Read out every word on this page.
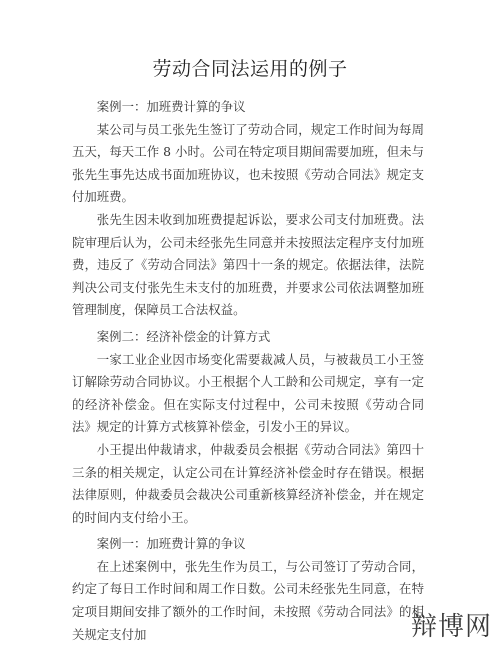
劳动合同法运用的例子

案例一：加班费计算的争议

某公司与员工张先生签订了劳动合同，规定工作时间为每周五天，每天工作 8 小时。公司在特定项目期间需要加班，但未与张先生事先达成书面加班协议，也未按照《劳动合同法》规定支付加班费。

张先生因未收到加班费提起诉讼，要求公司支付加班费。法院审理后认为，公司未经张先生同意并未按照法定程序支付加班费，违反了《劳动合同法》第四十一条的规定。依据法律，法院判决公司支付张先生未支付的加班费，并要求公司依法调整加班管理制度，保障员工合法权益。

案例二：经济补偿金的计算方式

一家工业企业因市场变化需要裁减人员，与被裁员工小王签订解除劳动合同协议。小王根据个人工龄和公司规定，享有一定的经济补偿金。但在实际支付过程中，公司未按照《劳动合同法》规定的计算方式核算补偿金，引发小王的异议。

小王提出仲裁请求，仲裁委员会根据《劳动合同法》第四十三条的相关规定，认定公司在计算经济补偿金时存在错误。根据法律原则，仲裁委员会裁决公司重新核算经济补偿金，并在规定的时间内支付给小王。

案例一：加班费计算的争议

在上述案例中，张先生作为员工，与公司签订了劳动合同，约定了每日工作时间和周工作日数。公司未经张先生同意，在特定项目期间安排了额外的工作时间，未按照《劳动合同法》的相关规定支付加	辩博网
